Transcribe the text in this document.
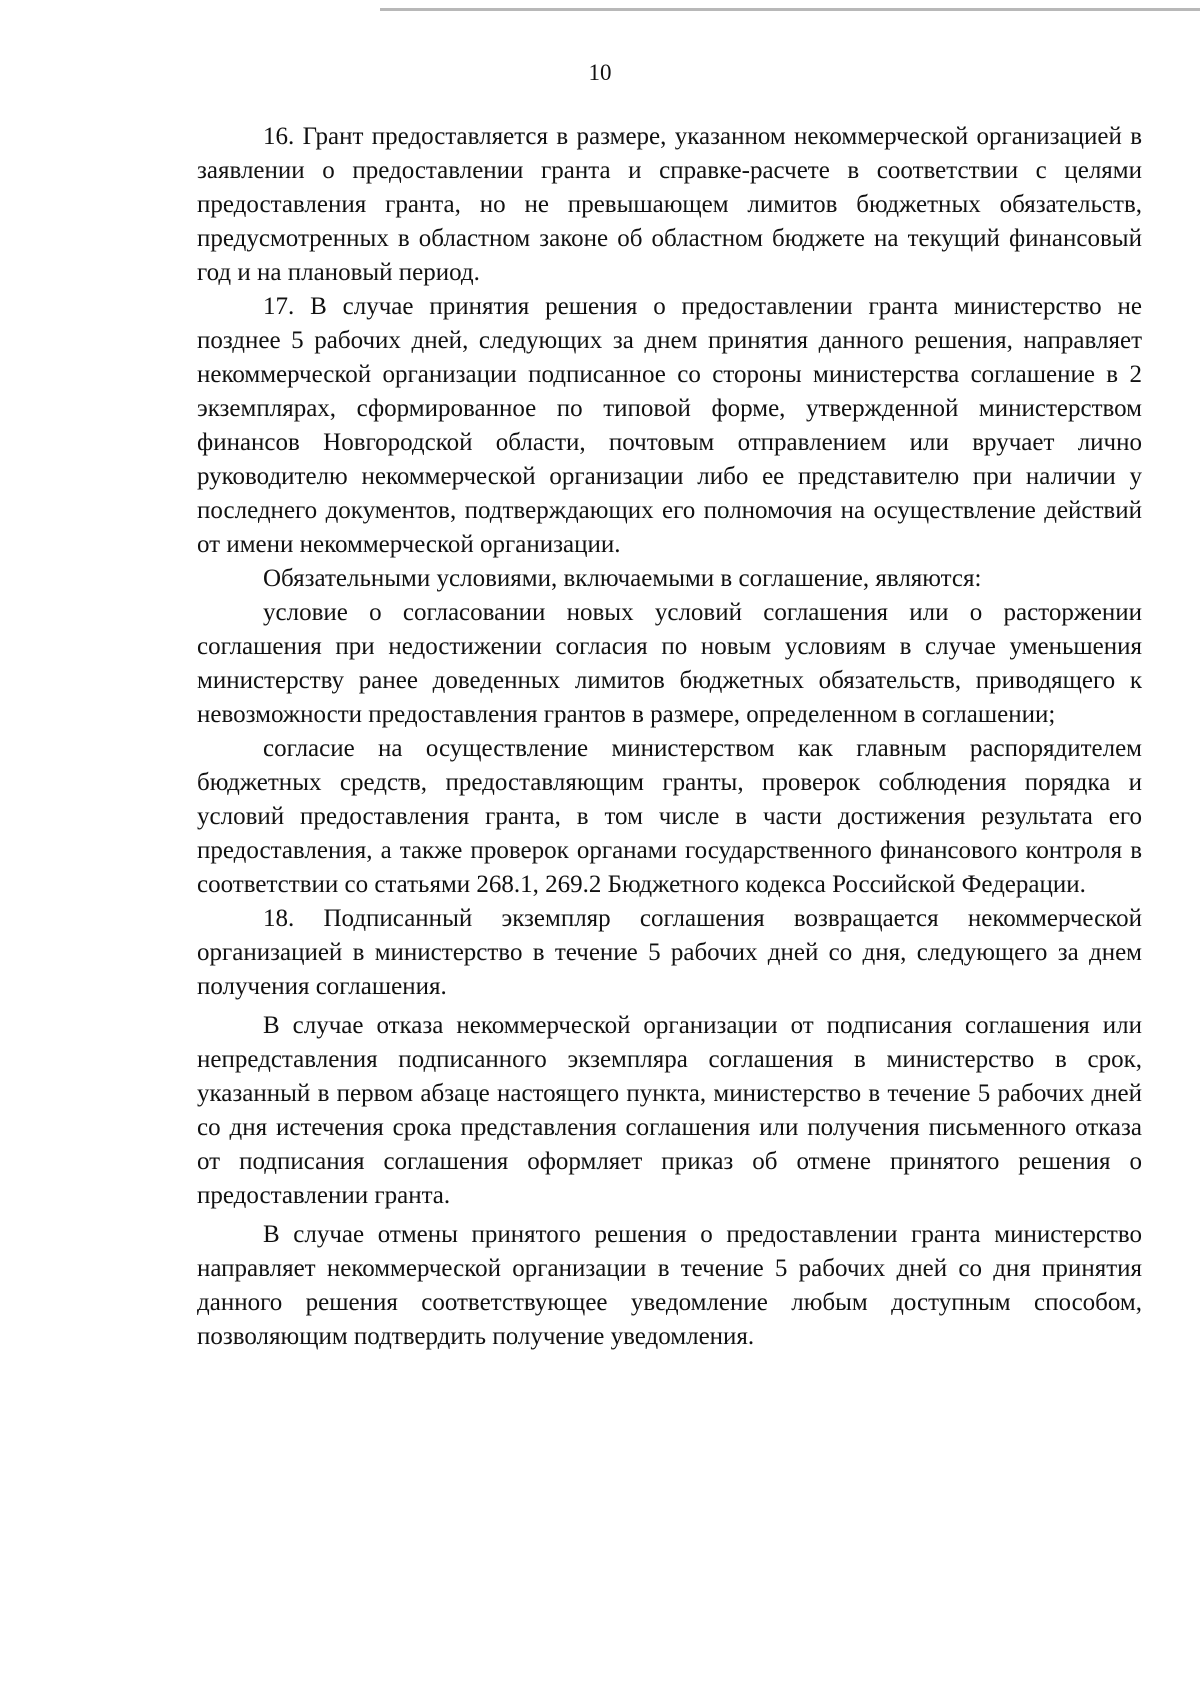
10

16. Грант предоставляется в размере, указанном некоммерческой организацией в заявлении о предоставлении гранта и справке-расчете в соответствии с целями предоставления гранта, но не превышающем лимитов бюджетных обязательств, предусмотренных в областном законе об областном бюджете на текущий финансовый год и на плановый период.

17. В случае принятия решения о предоставлении гранта министерство не позднее 5 рабочих дней, следующих за днем принятия данного решения, направляет некоммерческой организации подписанное со стороны министерства соглашение в 2 экземплярах, сформированное по типовой форме, утвержденной министерством финансов Новгородской области, почтовым отправлением или вручает лично руководителю некоммерческой организации либо ее представителю при наличии у последнего документов, подтверждающих его полномочия на осуществление действий от имени некоммерческой организации.

Обязательными условиями, включаемыми в соглашение, являются:

условие о согласовании новых условий соглашения или о расторжении соглашения при недостижении согласия по новым условиям в случае уменьшения министерству ранее доведенных лимитов бюджетных обязательств, приводящего к невозможности предоставления грантов в размере, определенном в соглашении;

согласие на осуществление министерством как главным распорядителем бюджетных средств, предоставляющим гранты, проверок соблюдения порядка и условий предоставления гранта, в том числе в части достижения результата его предоставления, а также проверок органами государственного финансового контроля в соответствии со статьями 268.1, 269.2 Бюджетного кодекса Российской Федерации.

18. Подписанный экземпляр соглашения возвращается некоммерческой организацией в министерство в течение 5 рабочих дней со дня, следующего за днем получения соглашения.

В случае отказа некоммерческой организации от подписания соглашения или непредставления подписанного экземпляра соглашения в министерство в срок, указанный в первом абзаце настоящего пункта, министерство в течение 5 рабочих дней со дня истечения срока представления соглашения или получения письменного отказа от подписания соглашения оформляет приказ об отмене принятого решения о предоставлении гранта.

В случае отмены принятого решения о предоставлении гранта министерство направляет некоммерческой организации в течение 5 рабочих дней со дня принятия данного решения соответствующее уведомление любым доступным способом, позволяющим подтвердить получение уведомления.
